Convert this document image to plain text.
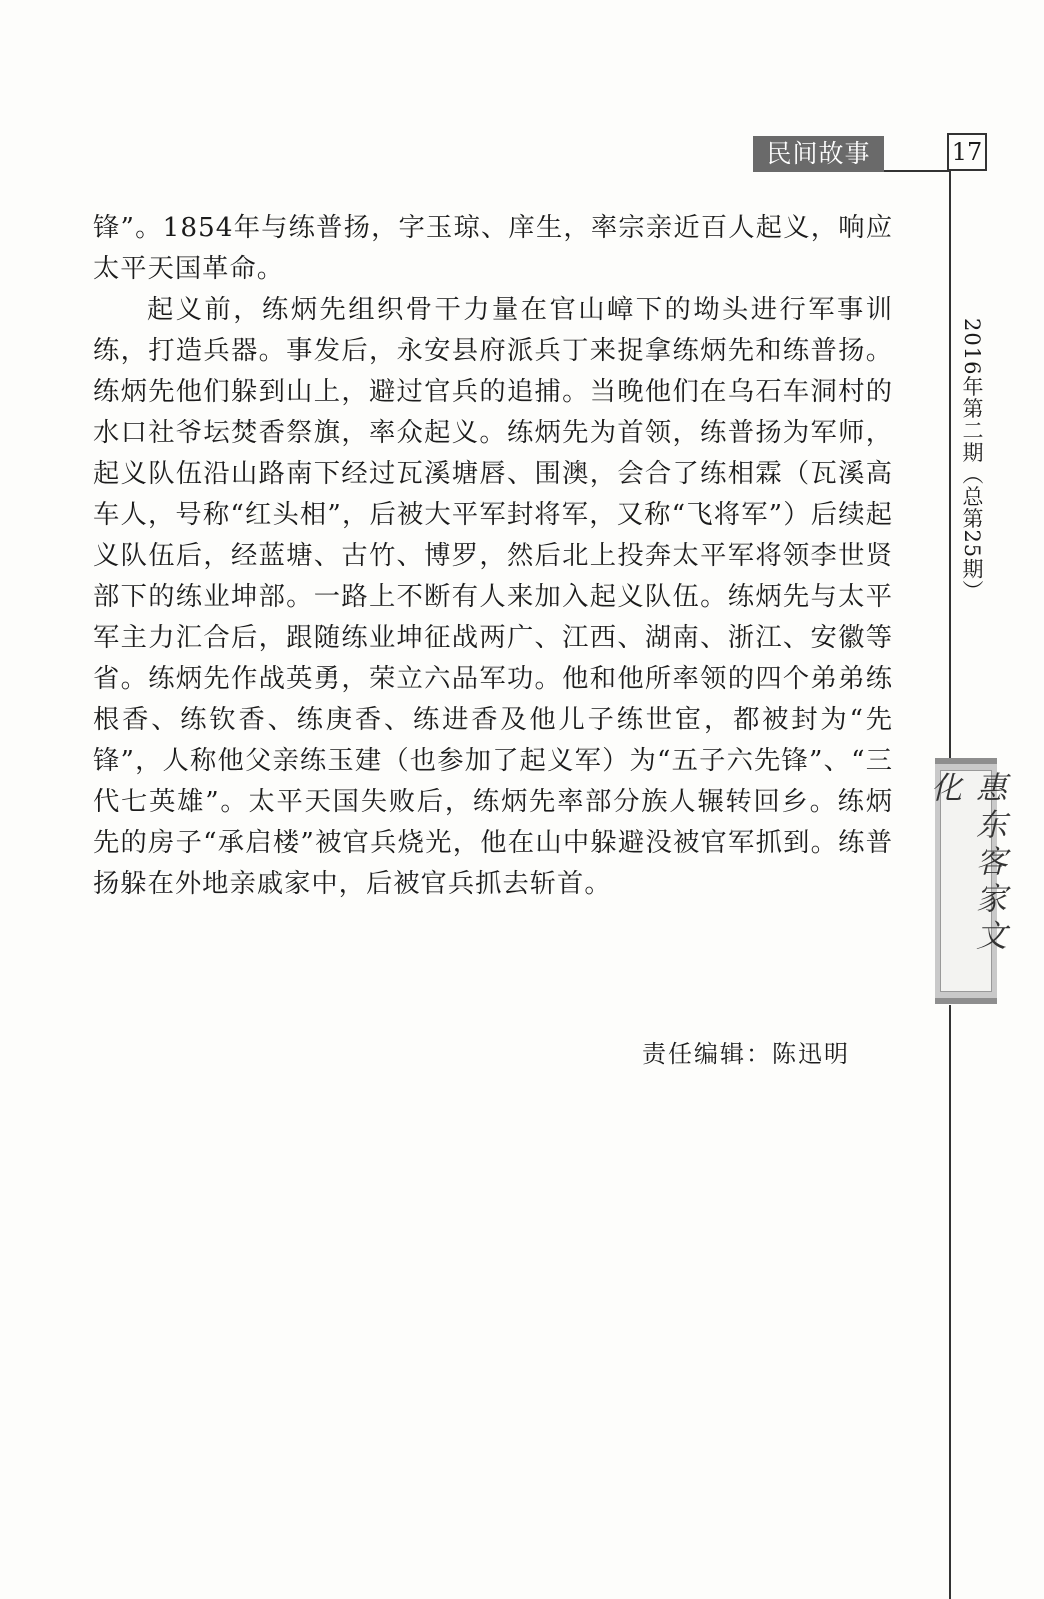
民间故事	17
2016年第二期（总第25期）
惠东客家文化

锋”。1854年与练普扬，字玉琼、庠生，率宗亲近百人起义，响应太平天国革命。

起义前，练炳先组织骨干力量在官山嶂下的坳头进行军事训练，打造兵器。事发后，永安县府派兵丁来捉拿练炳先和练普扬。练炳先他们躲到山上，避过官兵的追捕。当晚他们在乌石车洞村的水口社爷坛焚香祭旗，率众起义。练炳先为首领，练普扬为军师，起义队伍沿山路南下经过瓦溪塘唇、围澳，会合了练相霖（瓦溪高车人，号称“红头相”，后被大平军封将军，又称“飞将军”）后续起义队伍后，经蓝塘、古竹、博罗，然后北上投奔太平军将领李世贤部下的练业坤部。一路上不断有人来加入起义队伍。练炳先与太平军主力汇合后，跟随练业坤征战两广、江西、湖南、浙江、安徽等省。练炳先作战英勇，荣立六品军功。他和他所率领的四个弟弟练根香、练钦香、练庚香、练进香及他儿子练世宦，都被封为“先锋”，人称他父亲练玉建（也参加了起义军）为“五子六先锋”、“三代七英雄”。太平天国失败后，练炳先率部分族人辗转回乡。练炳先的房子“承启楼”被官兵烧光，他在山中躲避没被官军抓到。练普扬躲在外地亲戚家中，后被官兵抓去斩首。

责任编辑：陈迅明
